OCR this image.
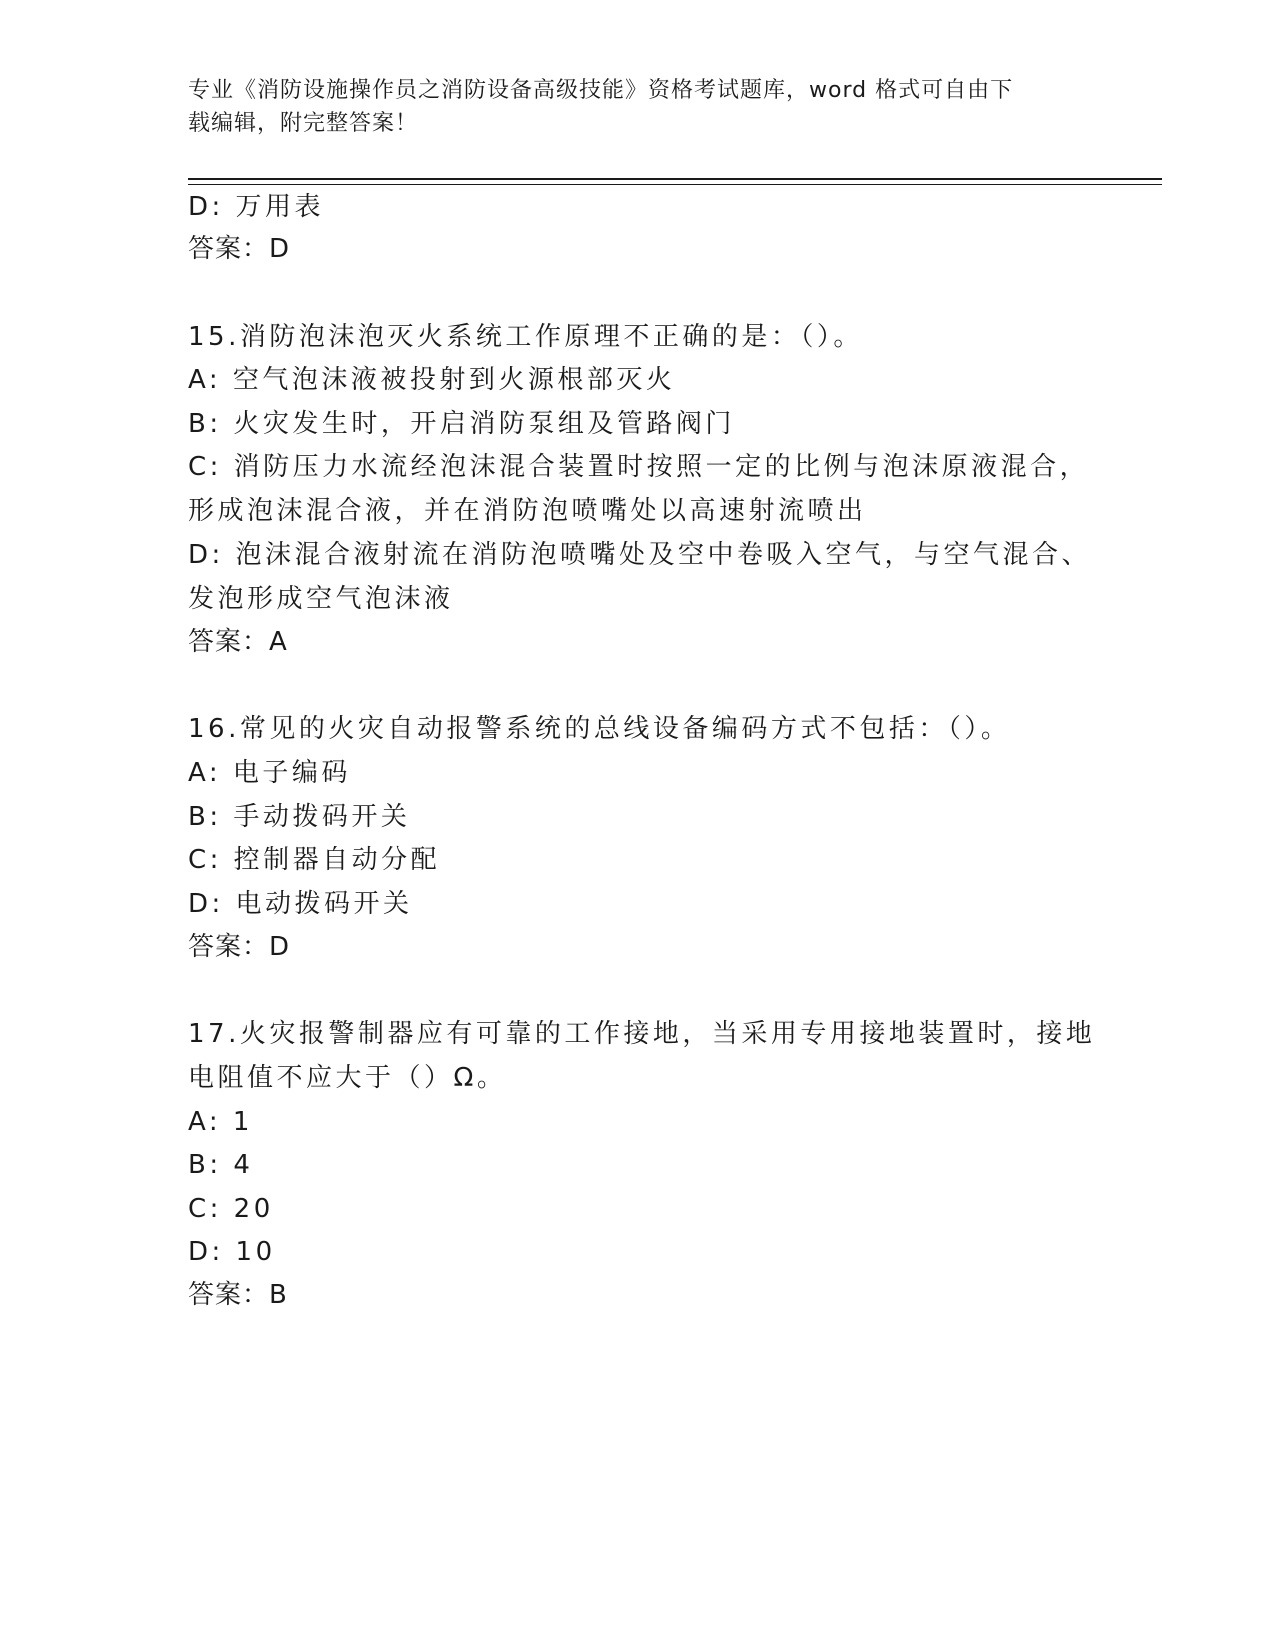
专业《消防设施操作员之消防设备高级技能》资格考试题库，word 格式可自由下
载编辑，附完整答案！
D: 万用表
答案：D
15.消防泡沫泡灭火系统工作原理不正确的是：（）。
A: 空气泡沫液被投射到火源根部灭火
B: 火灾发生时，开启消防泵组及管路阀门
C: 消防压力水流经泡沫混合装置时按照一定的比例与泡沫原液混合，
形成泡沫混合液，并在消防泡喷嘴处以高速射流喷出
D: 泡沫混合液射流在消防泡喷嘴处及空中卷吸入空气，与空气混合、
发泡形成空气泡沫液
答案：A
16.常见的火灾自动报警系统的总线设备编码方式不包括：（）。
A: 电子编码
B: 手动拨码开关
C: 控制器自动分配
D: 电动拨码开关
答案：D
17.火灾报警制器应有可靠的工作接地，当采用专用接地装置时，接地
电阻值不应大于（）Ω。
A: 1
B: 4
C: 20
D: 10
答案：B
